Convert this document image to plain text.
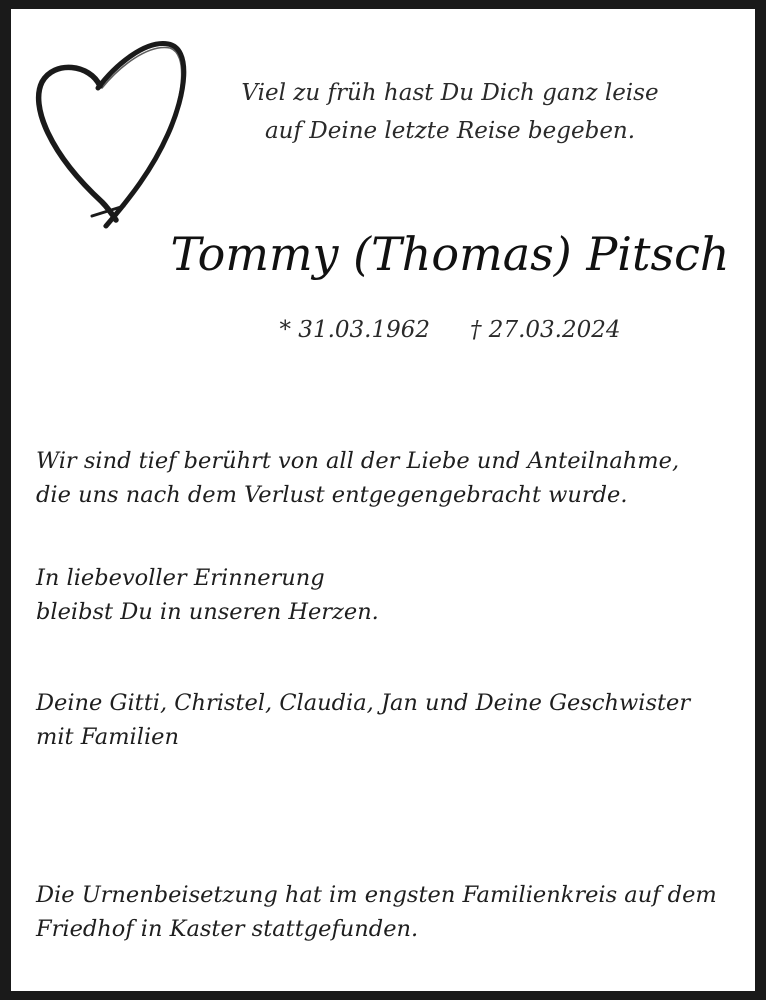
Viel zu früh hast Du Dich ganz leise
auf Deine letzte Reise begeben.
Tommy (Thomas) Pitsch
* 31.03.1962 † 27.03.2024
Wir sind tief berührt von all der Liebe und Anteilnahme,
die uns nach dem Verlust entgegengebracht wurde.
In liebevoller Erinnerung
bleibst Du in unseren Herzen.
Deine Gitti, Christel, Claudia, Jan und Deine Geschwister
mit Familien
Die Urnenbeisetzung hat im engsten Familienkreis auf dem
Friedhof in Kaster stattgefunden.
